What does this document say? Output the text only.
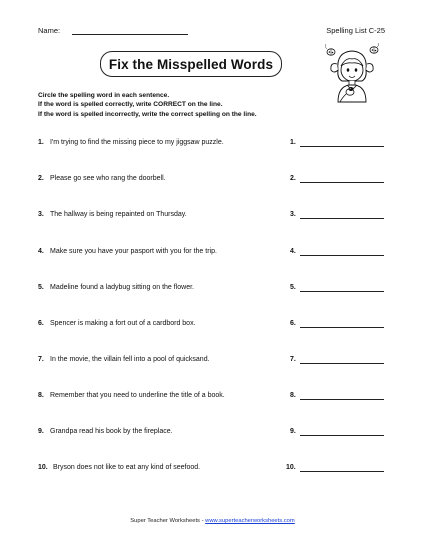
Name:	Spelling List C-25
Fix the Misspelled Words
Circle the spelling word in each sentence.
If the word is spelled correctly, write CORRECT on the line.
If the word is spelled incorrectly, write the correct spelling on the line.
1. I'm trying to find the missing piece to my jiggsaw puzzle.	1.
2. Please go see who rang the doorbell.	2.
3. The hallway is being repainted on Thursday.	3.
4. Make sure you have your pasport with you for the trip.	4.
5. Madeline found a ladybug sitting on the flower.	5.
6. Spencer is making a fort out of a cardbord box.	6.
7. In the movie, the villain fell into a pool of quicksand.	7.
8. Remember that you need to underline the title of a book.	8.
9. Grandpa read his book by the fireplace.	9.
10. Bryson does not like to eat any kind of seefood.	10.
Super Teacher Worksheets - www.superteacherworksheets.com
